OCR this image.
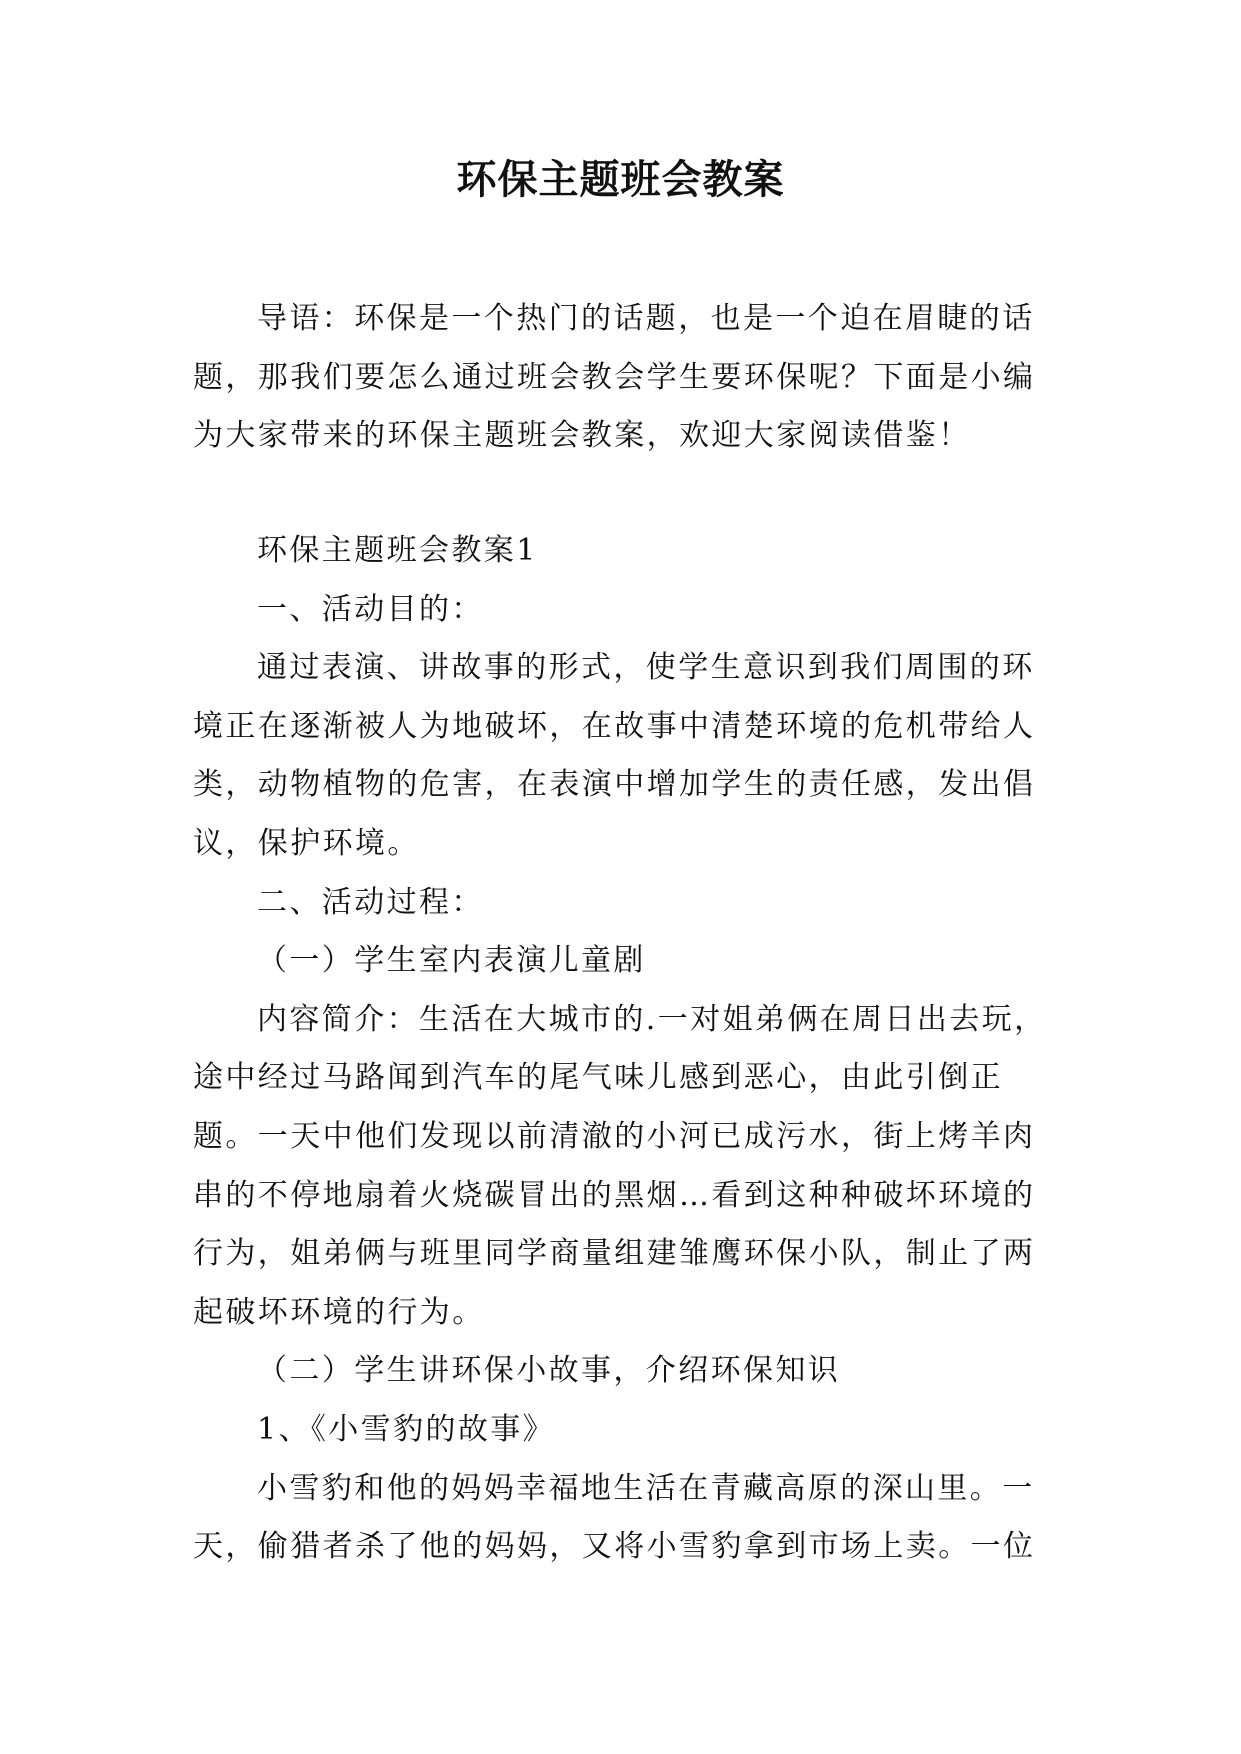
环保主题班会教案

导语：环保是一个热门的话题，也是一个迫在眉睫的话题，那我们要怎么通过班会教会学生要环保呢？下面是小编为大家带来的环保主题班会教案，欢迎大家阅读借鉴！

环保主题班会教案1

一、活动目的：

通过表演、讲故事的形式，使学生意识到我们周围的环境正在逐渐被人为地破坏，在故事中清楚环境的危机带给人类，动物植物的危害，在表演中增加学生的责任感，发出倡议，保护环境。

二、活动过程：

（一）学生室内表演儿童剧

内容简介：生活在大城市的.一对姐弟俩在周日出去玩，途中经过马路闻到汽车的尾气味儿感到恶心，由此引倒正题。一天中他们发现以前清澈的小河已成污水，街上烤羊肉串的不停地扇着火烧碳冒出的黑烟…看到这种种破坏环境的行为，姐弟俩与班里同学商量组建雏鹰环保小队，制止了两起破坏环境的行为。

（二）学生讲环保小故事，介绍环保知识

1、《小雪豹的故事》

小雪豹和他的妈妈幸福地生活在青藏高原的深山里。一天，偷猎者杀了他的妈妈，又将小雪豹拿到市场上卖。一位
